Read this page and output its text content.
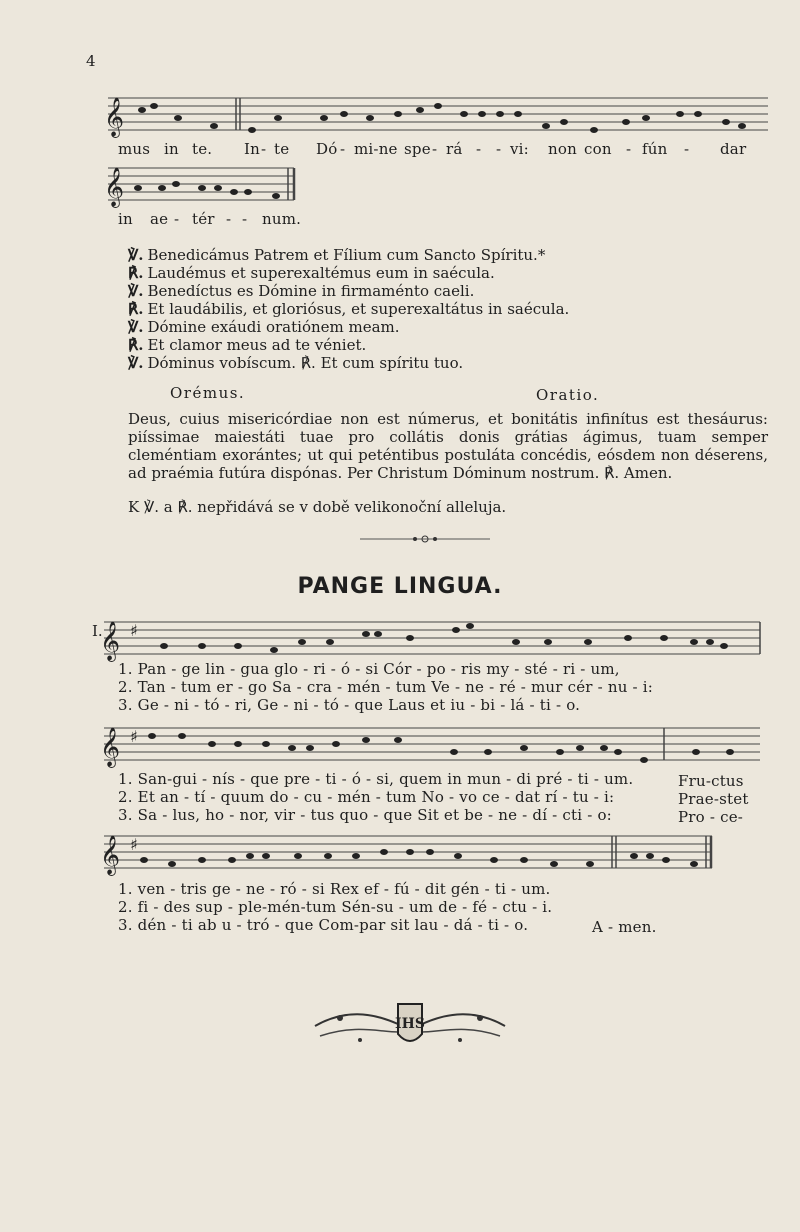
4
𝄞
mus in te. In - te Dó - mi-ne spe - rá - - vi: non con - fún - dar
𝄞
in ae - tér - - num.
℣. Benedicámus Patrem et Fílium cum Sancto Spíritu.*
℟. Laudémus et superexaltémus eum in saécula.
℣. Benedíctus es Dómine in firmaménto caeli.
℟. Et laudábilis, et gloriósus, et superexaltátus in saécula.
℣. Dómine exáudi oratiónem meam.
℟. Et clamor meus ad te véniet.
℣. Dóminus vobíscum. ℟. Et cum spíritu tuo.
Orémus.	Oratio.
Deus, cuius misericórdiae non est númerus, et bonitátis infinítus est thesáurus: piíssimae maiestáti tuae pro collátis donis grátias ágimus, tuam semper cleméntiam exorántes; ut qui peténtibus postuláta concédis, eósdem non déserens, ad praémia futúra dispónas. Per Christum Dóminum nostrum. ℟. Amen.
K ℣. a ℟. nepřidává se v době velikonoční alleluja.
PANGE LINGUA.
I.
𝄞 ♯
1. Pan - ge lin - gua glo - ri - ó - si Cór - po - ris my - sté - ri - um,
2. Tan - tum er - go Sa - cra - mén - tum Ve - ne - ré - mur cér - nu - i:
3. Ge - ni - tó - ri, Ge - ni - tó - que Laus et iu - bi - lá - ti - o.
𝄞 ♯
1. San-gui - nís - que pre - ti - ó - si, quem in mun - di pré - ti - um.
2. Et an - tí - quum do - cu - mén - tum No - vo ce - dat rí - tu - i:
3. Sa - lus, ho - nor, vir - tus quo - que Sit et be - ne - dí - cti - o:
Fru-ctus
Prae-stet
Pro - ce-
𝄞 ♯
1. ven - tris ge - ne - ró - si Rex ef - fú - dit gén - ti - um.
2. fi - des sup - ple-mén-tum Sén-su - um de - fé - ctu - i.
3. dén - ti ab u - tró - que Com-par sit lau - dá - ti - o.	A - men.
IHS
